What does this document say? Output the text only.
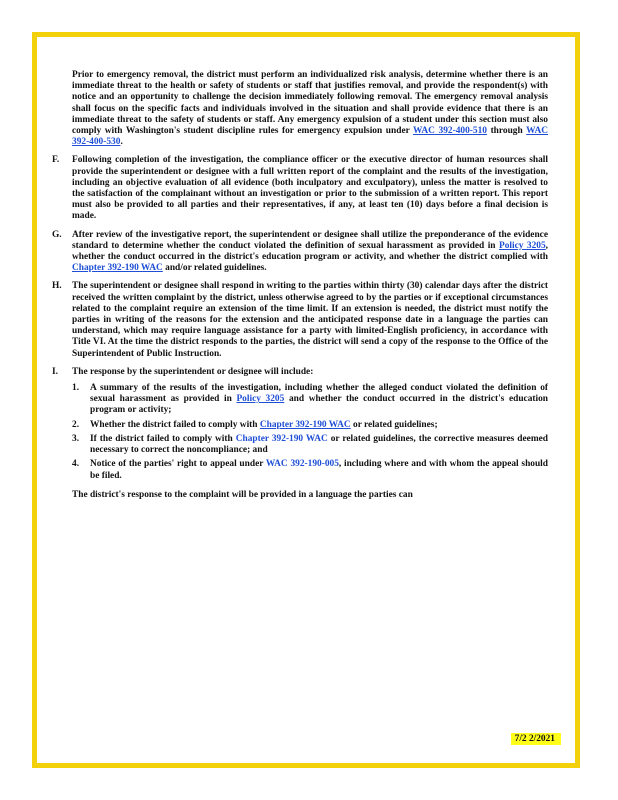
Prior to emergency removal, the district must perform an individualized risk analysis, determine whether there is an immediate threat to the health or safety of students or staff that justifies removal, and provide the respondent(s) with notice and an opportunity to challenge the decision immediately following removal. The emergency removal analysis shall focus on the specific facts and individuals involved in the situation and shall provide evidence that there is an immediate threat to the safety of students or staff. Any emergency expulsion of a student under this section must also comply with Washington's student discipline rules for emergency expulsion under WAC 392-400-510 through WAC 392-400-530.

F. Following completion of the investigation, the compliance officer or the executive director of human resources shall provide the superintendent or designee with a full written report of the complaint and the results of the investigation, including an objective evaluation of all evidence (both inculpatory and exculpatory), unless the matter is resolved to the satisfaction of the complainant without an investigation or prior to the submission of a written report. This report must also be provided to all parties and their representatives, if any, at least ten (10) days before a final decision is made.

G. After review of the investigative report, the superintendent or designee shall utilize the preponderance of the evidence standard to determine whether the conduct violated the definition of sexual harassment as provided in Policy 3205, whether the conduct occurred in the district's education program or activity, and whether the district complied with Chapter 392-190 WAC and/or related guidelines.

H. The superintendent or designee shall respond in writing to the parties within thirty (30) calendar days after the district received the written complaint by the district, unless otherwise agreed to by the parties or if exceptional circumstances related to the complaint require an extension of the time limit. If an extension is needed, the district must notify the parties in writing of the reasons for the extension and the anticipated response date in a language the parties can understand, which may require language assistance for a party with limited-English proficiency, in accordance with Title VI. At the time the district responds to the parties, the district will send a copy of the response to the Office of the Superintendent of Public Instruction.

I. The response by the superintendent or designee will include:

1. A summary of the results of the investigation, including whether the alleged conduct violated the definition of sexual harassment as provided in Policy 3205 and whether the conduct occurred in the district's education program or activity;

2. Whether the district failed to comply with Chapter 392-190 WAC or related guidelines;

3. If the district failed to comply with Chapter 392-190 WAC or related guidelines, the corrective measures deemed necessary to correct the noncompliance; and

4. Notice of the parties' right to appeal under WAC 392-190-005, including where and with whom the appeal should be filed.

The district's response to the complaint will be provided in a language the parties can

7/2 2/2021
